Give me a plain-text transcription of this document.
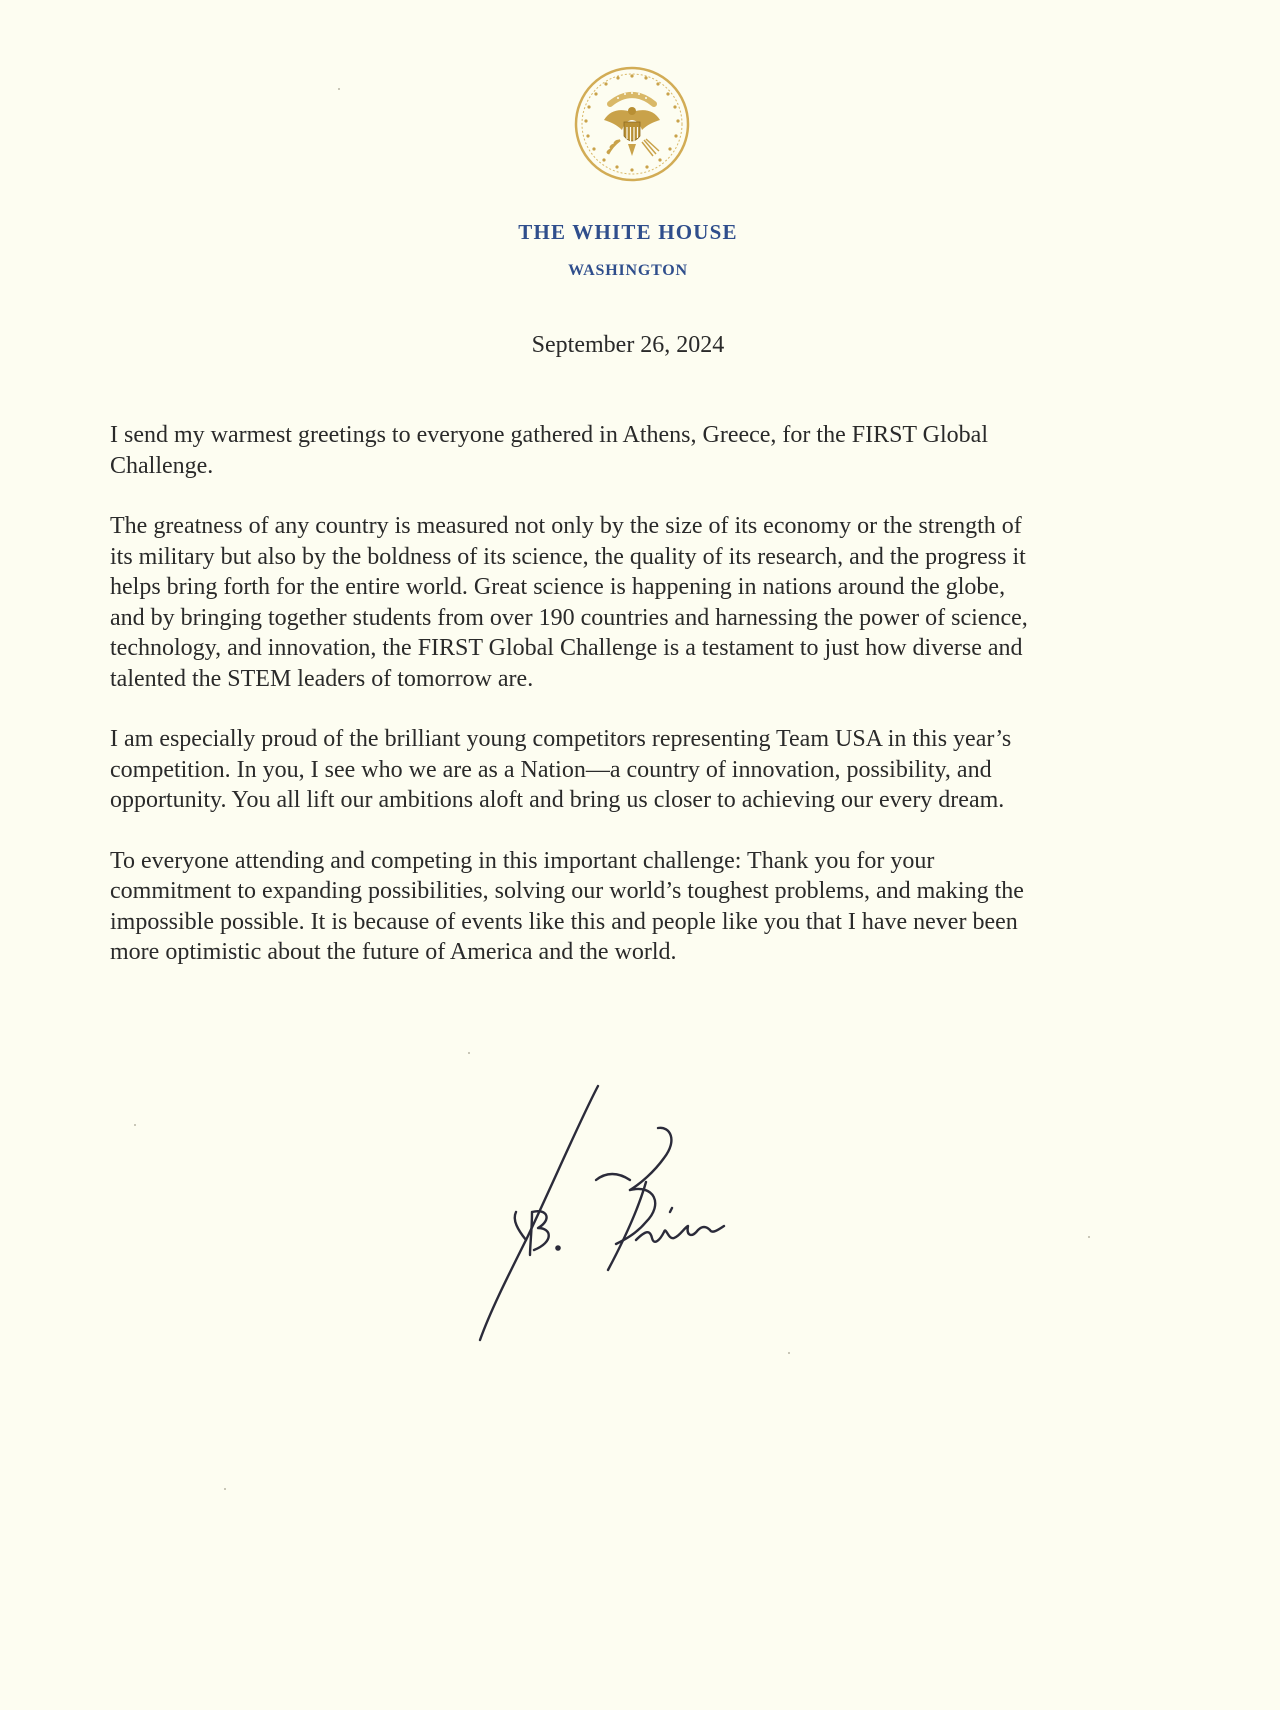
THE WHITE HOUSE
WASHINGTON
September 26, 2024

I send my warmest greetings to everyone gathered in Athens, Greece, for the FIRST Global
Challenge.

The greatness of any country is measured not only by the size of its economy or the strength of
its military but also by the boldness of its science, the quality of its research, and the progress it
helps bring forth for the entire world. Great science is happening in nations around the globe,
and by bringing together students from over 190 countries and harnessing the power of science,
technology, and innovation, the FIRST Global Challenge is a testament to just how diverse and
talented the STEM leaders of tomorrow are.

I am especially proud of the brilliant young competitors representing Team USA in this year’s
competition. In you, I see who we are as a Nation—a country of innovation, possibility, and
opportunity. You all lift our ambitions aloft and bring us closer to achieving our every dream.

To everyone attending and competing in this important challenge: Thank you for your
commitment to expanding possibilities, solving our world’s toughest problems, and making the
impossible possible. It is because of events like this and people like you that I have never been
more optimistic about the future of America and the world.
